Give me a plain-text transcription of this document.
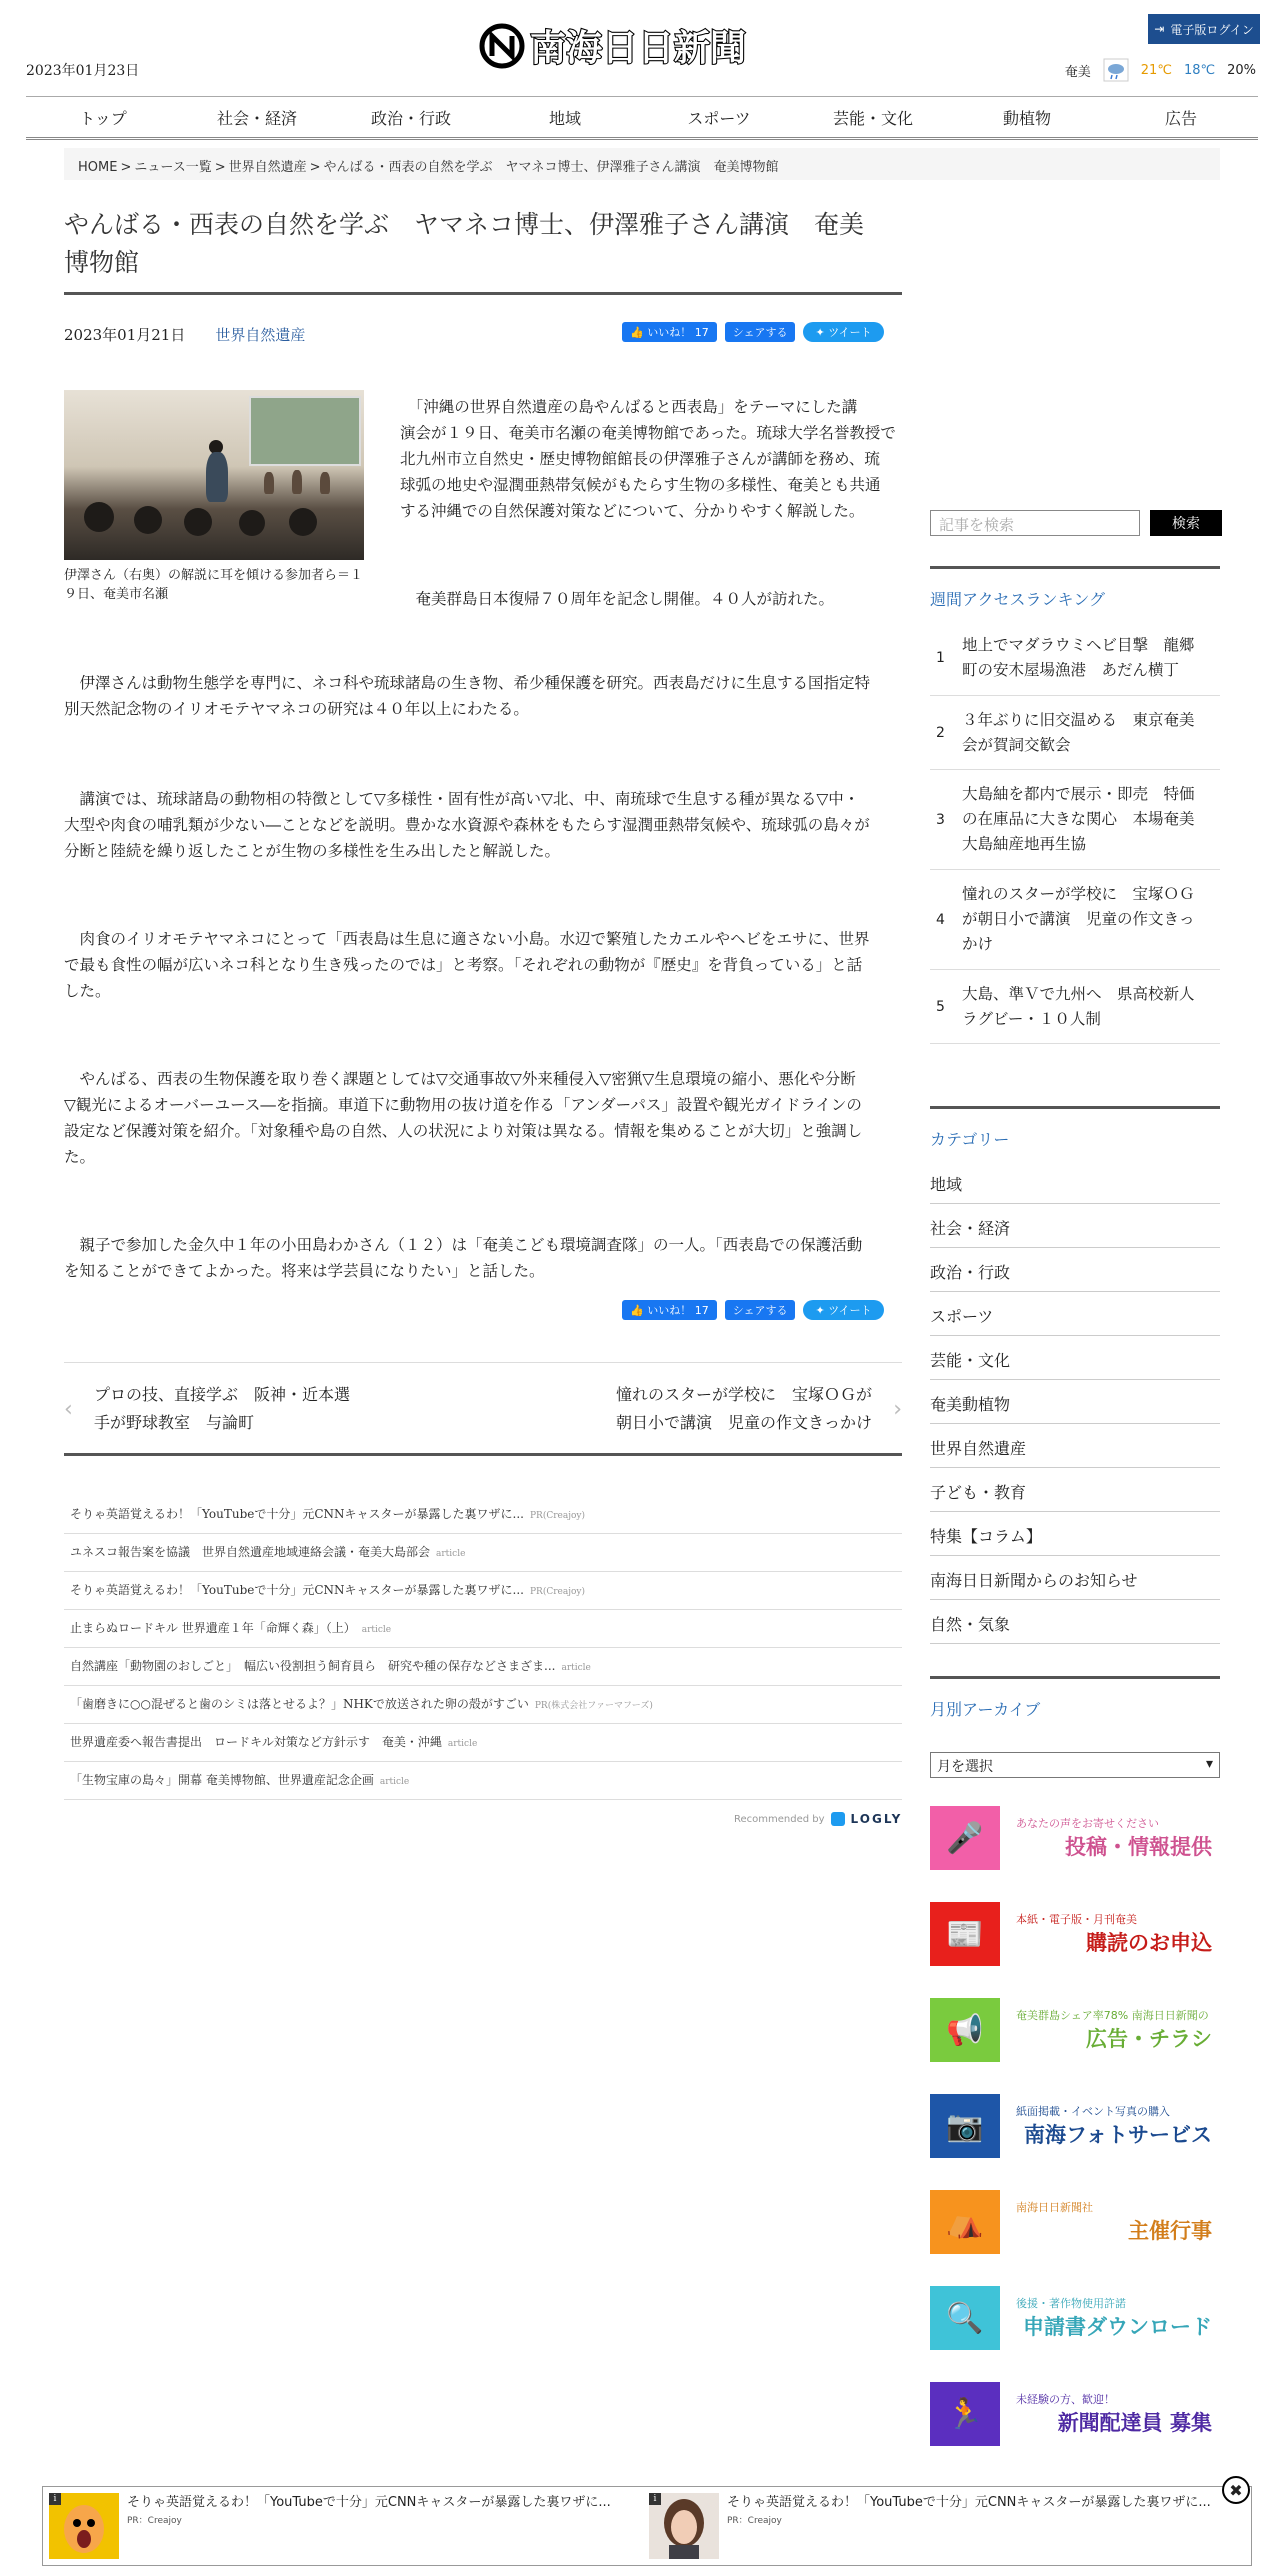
2023年01月23日
南海日日新聞	⇥ 電子版ログイン
奄美	21℃ 18℃ 20%
トップ	社会・経済	政治・行政	地域	スポーツ	芸能・文化	動植物	広告
HOME > ニュース一覧 > 世界自然遺産 > やんばる・西表の自然を学ぶ　ヤマネコ博士、伊澤雅子さん講演　奄美博物館
やんばる・西表の自然を学ぶ　ヤマネコ博士、伊澤雅子さん講演　奄美
博物館
2023年01月21日 世界自然遺産	👍 いいね！ 17	シェアする	✦ ツイート
伊澤さん（右奥）の解説に耳を傾ける参加者ら＝１
９日、奄美市名瀬

　「沖縄の世界自然遺産の島やんばると西表島」をテーマにした講
演会が１９日、奄美市名瀬の奄美博物館であった。琉球大学名誉教授で
北九州市立自然史・歴史博物館館長の伊澤雅子さんが講師を務め、琉
球弧の地史や湿潤亜熱帯気候がもたらす生物の多様性、奄美とも共通
する沖縄での自然保護対策などについて、分かりやすく解説した。

　奄美群島日本復帰７０周年を記念し開催。４０人が訪れた。

　伊澤さんは動物生態学を専門に、ネコ科や琉球諸島の生き物、希少種保護を研究。西表島だけに生息する国指定特
別天然記念物のイリオモテヤマネコの研究は４０年以上にわたる。

　講演では、琉球諸島の動物相の特徴として▽多様性・固有性が高い▽北、中、南琉球で生息する種が異なる▽中・
大型や肉食の哺乳類が少ない―ことなどを説明。豊かな水資源や森林をもたらす湿潤亜熱帯気候や、琉球弧の島々が
分断と陸続を繰り返したことが生物の多様性を生み出したと解説した。

　肉食のイリオモテヤマネコにとって「西表島は生息に適さない小島。水辺で繁殖したカエルやヘビをエサに、世界
で最も食性の幅が広いネコ科となり生き残ったのでは」と考察。「それぞれの動物が『歴史』を背負っている」と話
した。

　やんばる、西表の生物保護を取り巻く課題としては▽交通事故▽外来種侵入▽密猟▽生息環境の縮小、悪化や分断
▽観光によるオーバーユース―を指摘。車道下に動物用の抜け道を作る「アンダーパス」設置や観光ガイドラインの
設定など保護対策を紹介。「対象種や島の自然、人の状況により対策は異なる。情報を集めることが大切」と強調し
た。

　親子で参加した金久中１年の小田島わかさん（１２）は「奄美こども環境調査隊」の一人。「西表島での保護活動
を知ることができてよかった。将来は学芸員になりたい」と話した。

👍 いいね！ 17	シェアする	✦ ツイート
‹
プロの技、直接学ぶ　阪神・近本選
手が野球教室　与論町
憧れのスターが学校に　宝塚ＯＧが
朝日小で講演　児童の作文きっかけ
›
そりゃ英語覚えるわ！「YouTubeで十分」元CNNキャスターが暴露した裏ワザに... PR(Creajoy)
ユネスコ報告案を協議　世界自然遺産地域連絡会議・奄美大島部会 article
そりゃ英語覚えるわ！「YouTubeで十分」元CNNキャスターが暴露した裏ワザに... PR(Creajoy)
止まらぬロードキル 世界遺産１年「命輝く森」（上） article
自然講座「動物園のおしごと」　幅広い役割担う飼育員ら　研究や種の保存などさまざま... article
「歯磨きに○○混ぜると歯のシミは落とせるよ？」NHKで放送された卵の殻がすごい PR(株式会社ファーマフーズ)
世界遺産委へ報告書提出　ロードキル対策など方針示す　奄美・沖縄 article
「生物宝庫の島々」開幕 奄美博物館、世界遺産記念企画 article
Recommended by LOGLY
記事を検索	検索
週間アクセスランキング
1
地上でマダラウミヘビ目撃　龍郷
町の安木屋場漁港　あだん横丁
2
３年ぶりに旧交温める　東京奄美
会が賀詞交歓会
3
大島紬を都内で展示・即売　特価
の在庫品に大きな関心　本場奄美
大島紬産地再生協
4
憧れのスターが学校に　宝塚ＯＧ
が朝日小で講演　児童の作文きっ
かけ
5
大島、準Ｖで九州へ　県高校新人
ラグビー・１０人制
カテゴリー
地域
社会・経済
政治・行政
スポーツ
芸能・文化
奄美動植物
世界自然遺産
子ども・教育
特集【コラム】
南海日日新聞からのお知らせ
自然・気象
月別アーカイブ
月を選択	▾
🎤	あなたの声をお寄せください
投稿・情報提供
📰	本紙・電子版・月刊奄美
購読のお申込
📢	奄美群島シェア率78% 南海日日新聞の
広告・チラシ
📷	紙面掲載・イベント写真の購入
南海フォトサービス
⛺	南海日日新聞社
主催行事
🔍	後援・著作物使用許諾
申請書ダウンロード
🏃	未経験の方、歓迎！
新聞配達員 募集
i	そりゃ英語覚えるわ！「YouTubeで十分」元CNNキャスターが暴露した裏ワザに...
PR：Creajoy
i	そりゃ英語覚えるわ！「YouTubeで十分」元CNNキャスターが暴露した裏ワザに...
PR：Creajoy
✖
